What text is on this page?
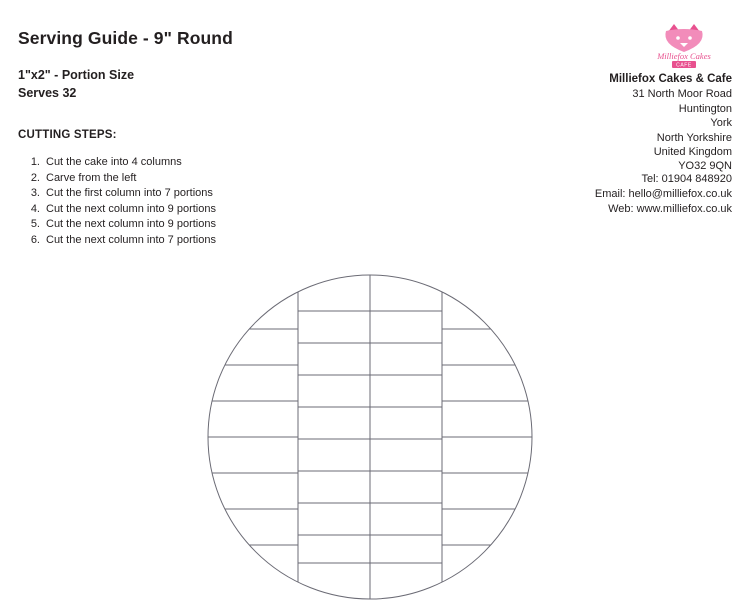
Serving Guide - 9" Round
1"x2" - Portion Size
Serves 32
CUTTING STEPS:
1. Cut the cake into 4 columns
2. Carve from the left
3. Cut the first column into 7 portions
4. Cut the next column into 9 portions
5. Cut the next column into 9 portions
6. Cut the next column into 7 portions
Milliefox Cakes
CAFE
Milliefox Cakes & Cafe
31 North Moor Road
Huntington
York
North Yorkshire
United Kingdom
YO32 9QN
Tel: 01904 848920
Email: hello@milliefox.co.uk
Web: www.milliefox.co.uk
